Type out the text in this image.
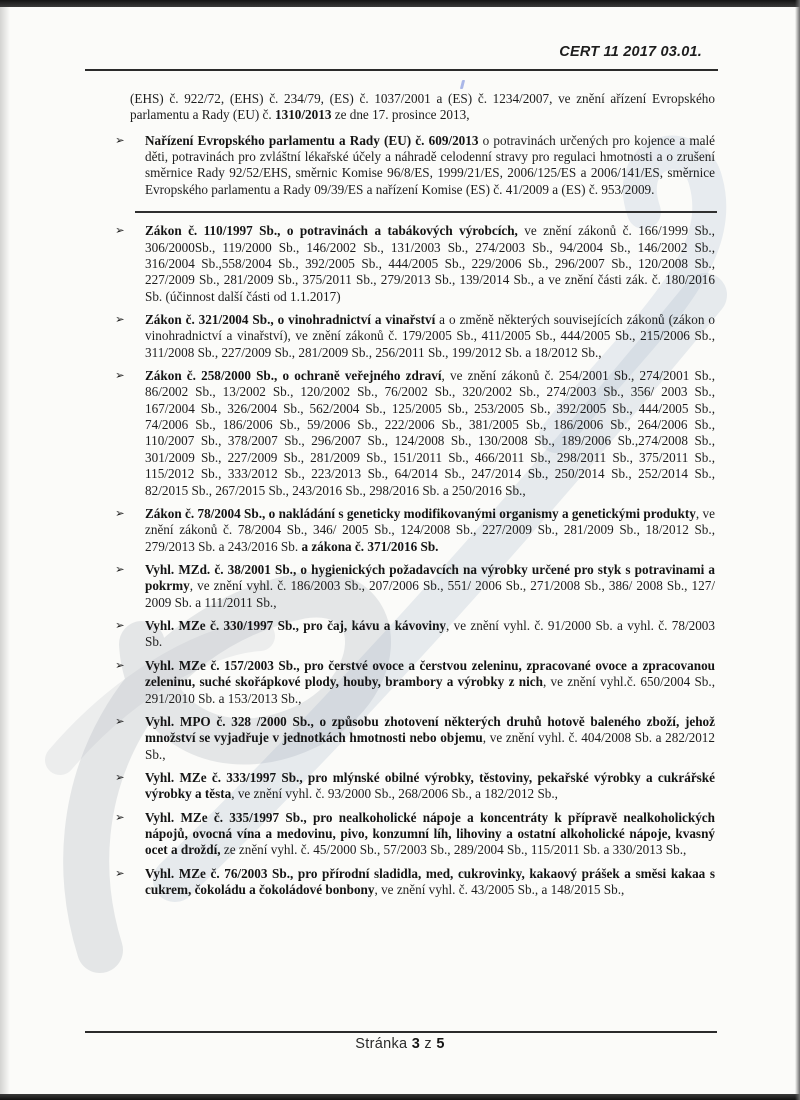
CERT 11 2017 03.01.

(EHS) č. 922/72, (EHS) č. 234/79, (ES) č. 1037/2001 a (ES) č. 1234/2007, ve znění ařízení Evropského parlamentu a Rady (EU) č. 1310/2013 ze dne 17. prosince 2013,

➢ Nařízení Evropského parlamentu a Rady (EU) č. 609/2013 o potravinách určených pro kojence a malé děti, potravinách pro zvláštní lékařské účely a náhradě celodenní stravy pro regulaci hmotnosti a o zrušení směrnice Rady 92/52/EHS, směrnic Komise 96/8/ES, 1999/21/ES, 2006/125/ES a 2006/141/ES, směrnice Evropského parlamentu a Rady 09/39/ES a nařízení Komise (ES) č. 41/2009 a (ES) č. 953/2009.
➢ Zákon č. 110/1997 Sb., o potravinách a tabákových výrobcích, ve znění zákonů č. 166/1999 Sb., 306/2000Sb., 119/2000 Sb., 146/2002 Sb., 131/2003 Sb., 274/2003 Sb., 94/2004 Sb., 146/2002 Sb., 316/2004 Sb.,558/2004 Sb., 392/2005 Sb., 444/2005 Sb., 229/2006 Sb., 296/2007 Sb., 120/2008 Sb., 227/2009 Sb., 281/2009 Sb., 375/2011 Sb., 279/2013 Sb., 139/2014 Sb., a ve znění části zák. č. 180/2016 Sb. (účinnost další části od 1.1.2017)
➢ Zákon č. 321/2004 Sb., o vinohradnictví a vinařství a o změně některých souvisejících zákonů (zákon o vinohradnictví a vinařství), ve znění zákonů č. 179/2005 Sb., 411/2005 Sb., 444/2005 Sb., 215/2006 Sb., 311/2008 Sb., 227/2009 Sb., 281/2009 Sb., 256/2011 Sb., 199/2012 Sb. a 18/2012 Sb.,
➢ Zákon č. 258/2000 Sb., o ochraně veřejného zdraví, ve znění zákonů č. 254/2001 Sb., 274/2001 Sb., 86/2002 Sb., 13/2002 Sb., 120/2002 Sb., 76/2002 Sb., 320/2002 Sb., 274/2003 Sb., 356/ 2003 Sb., 167/2004 Sb., 326/2004 Sb., 562/2004 Sb., 125/2005 Sb., 253/2005 Sb., 392/2005 Sb., 444/2005 Sb., 74/2006 Sb., 186/2006 Sb., 59/2006 Sb., 222/2006 Sb., 381/2005 Sb., 186/2006 Sb., 264/2006 Sb., 110/2007 Sb., 378/2007 Sb., 296/2007 Sb., 124/2008 Sb., 130/2008 Sb., 189/2006 Sb.,274/2008 Sb., 301/2009 Sb., 227/2009 Sb., 281/2009 Sb., 151/2011 Sb., 466/2011 Sb., 298/2011 Sb., 375/2011 Sb., 115/2012 Sb., 333/2012 Sb., 223/2013 Sb., 64/2014 Sb., 247/2014 Sb., 250/2014 Sb., 252/2014 Sb., 82/2015 Sb., 267/2015 Sb., 243/2016 Sb., 298/2016 Sb. a 250/2016 Sb.,
➢ Zákon č. 78/2004 Sb., o nakládání s geneticky modifikovanými organismy a genetickými produkty, ve znění zákonů č. 78/2004 Sb., 346/ 2005 Sb., 124/2008 Sb., 227/2009 Sb., 281/2009 Sb., 18/2012 Sb., 279/2013 Sb. a 243/2016 Sb. a zákona č. 371/2016 Sb.
➢ Vyhl. MZd. č. 38/2001 Sb., o hygienických požadavcích na výrobky určené pro styk s potravinami a pokrmy, ve znění vyhl. č. 186/2003 Sb., 207/2006 Sb., 551/ 2006 Sb., 271/2008 Sb., 386/ 2008 Sb., 127/ 2009 Sb. a 111/2011 Sb.,
➢ Vyhl. MZe č. 330/1997 Sb., pro čaj, kávu a kávoviny, ve znění vyhl. č. 91/2000 Sb. a vyhl. č. 78/2003 Sb.
➢ Vyhl. MZe č. 157/2003 Sb., pro čerstvé ovoce a čerstvou zeleninu, zpracované ovoce a zpracovanou zeleninu, suché skořápkové plody, houby, brambory a výrobky z nich, ve znění vyhl.č. 650/2004 Sb., 291/2010 Sb. a 153/2013 Sb.,
➢ Vyhl. MPO č. 328 /2000 Sb., o způsobu zhotovení některých druhů hotově baleného zboží, jehož množství se vyjadřuje v jednotkách hmotnosti nebo objemu, ve znění vyhl. č. 404/2008 Sb. a 282/2012 Sb.,
➢ Vyhl. MZe č. 333/1997 Sb., pro mlýnské obilné výrobky, těstoviny, pekařské výrobky a cukrářské výrobky a těsta, ve znění vyhl. č. 93/2000 Sb., 268/2006 Sb., a 182/2012 Sb.,
➢ Vyhl. MZe č. 335/1997 Sb., pro nealkoholické nápoje a koncentráty k přípravě nealkoholických nápojů, ovocná vína a medovinu, pivo, konzumní líh, lihoviny a ostatní alkoholické nápoje, kvasný ocet a droždí, ze znění vyhl. č. 45/2000 Sb., 57/2003 Sb., 289/2004 Sb., 115/2011 Sb. a 330/2013 Sb.,
➢ Vyhl. MZe č. 76/2003 Sb., pro přírodní sladidla, med, cukrovinky, kakaový prášek a směsi kakaa s cukrem, čokoládu a čokoládové bonbony, ve znění vyhl. č. 43/2005 Sb., a 148/2015 Sb.,
Stránka 3 z 5
